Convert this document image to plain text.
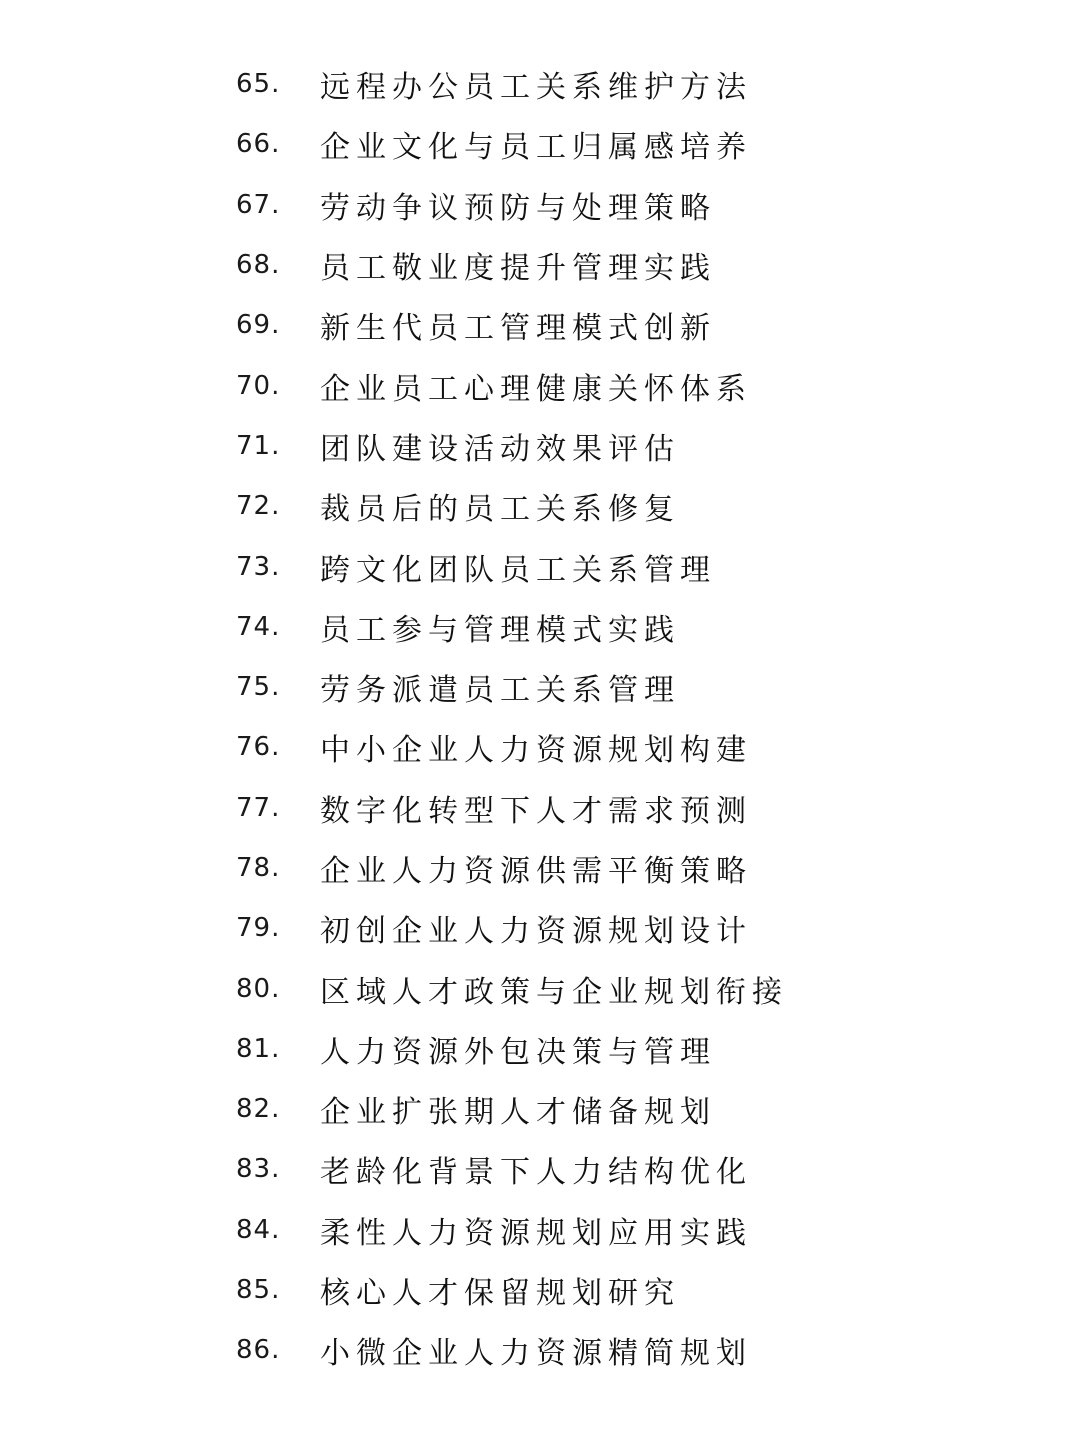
65.	远程办公员工关系维护方法
66.	企业文化与员工归属感培养
67.	劳动争议预防与处理策略
68.	员工敬业度提升管理实践
69.	新生代员工管理模式创新
70.	企业员工心理健康关怀体系
71.	团队建设活动效果评估
72.	裁员后的员工关系修复
73.	跨文化团队员工关系管理
74.	员工参与管理模式实践
75.	劳务派遣员工关系管理
76.	中小企业人力资源规划构建
77.	数字化转型下人才需求预测
78.	企业人力资源供需平衡策略
79.	初创企业人力资源规划设计
80.	区域人才政策与企业规划衔接
81.	人力资源外包决策与管理
82.	企业扩张期人才储备规划
83.	老龄化背景下人力结构优化
84.	柔性人力资源规划应用实践
85.	核心人才保留规划研究
86.	小微企业人力资源精简规划
